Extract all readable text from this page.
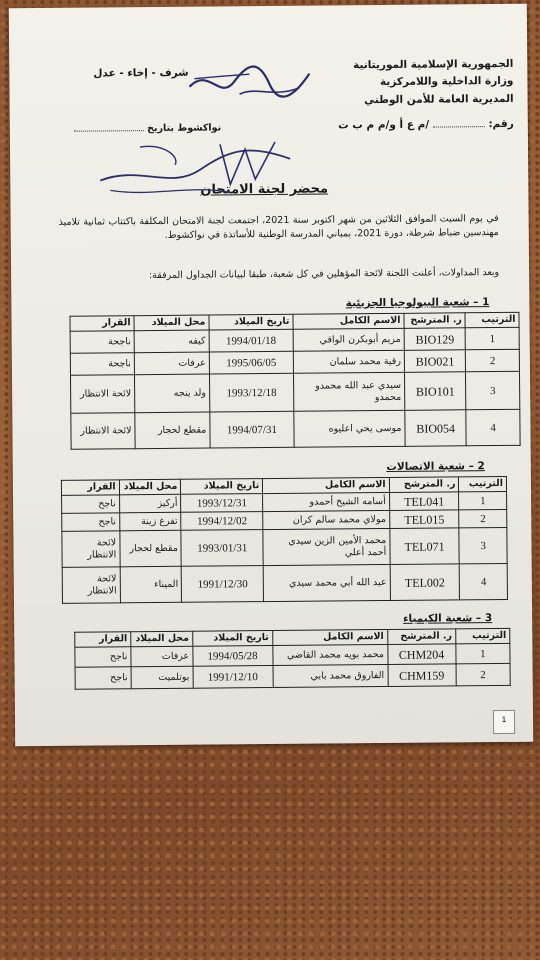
الجمهورية الإسلامية الموريتانية
وزارة الداخلية واللامركزية
المديرية العامة للأمن الوطني
رقم:  /م ع أ و/م م ب ت
شرف - إخاء - عدل
نواكشوط بتاريخ
محضر لجنة الامتحان
في يوم السبت الموافق الثلاثين من شهر اكتوبر سنة 2021، اجتمعت لجنة الامتحان المكلفة باكتتاب ثمانية تلاميذ مهندسين ضباط شرطة، دورة 2021، بمباني المدرسة الوطنية للأساتذة في نواكشوط.
وبعد المداولات، أعلنت اللجنة لائحة المؤهلين في كل شعبة، طبقا لبيانات الجداول المرفقة:
1 – شعبة البيولوجيا الجزيئية
الترتيب	ر. المترشح	الاسم الكامل	تاريخ الميلاد	محل الميلاد	القرار
1	BIO129	مريم أبوبكرن الواقي	1994/01/18	كيفه	ناجحة
2	BIO021	رقية محمد سلمان	1995/06/05	عرفات	ناجحة
3	BIO101	سيدي عبد الله محمدو محمدو	1993/12/18	ولد ينجه	لائحة الانتظار
4	BIO054	موسى يحي اعليوه	1994/07/31	مقطع لحجار	لائحة الانتظار
2 – شعبة الاتصالات
الترتيب	ر. المترشح	الاسم الكامل	تاريخ الميلاد	محل الميلاد	القرار
1	TEL041	أسامه الشيخ أحمدو	1993/12/31	أركيز	ناجح
2	TEL015	مولاي محمد سالم كران	1994/12/02	تفرغ زينة	ناجح
3	TEL071	محمد الأمين الزين سيدي أحمد أعلي	1993/01/31	مقطع لحجار	لائحة الانتظار
4	TEL002	عبد الله أبي محمد سيدي	1991/12/30	الميناء	لائحة الانتظار
3 – شعبة الكيمياء
الترتيب	ر. المترشح	الاسم الكامل	تاريخ الميلاد	محل الميلاد	القرار
1	CHM204	محمد بويه محمد القاضي	1994/05/28	عرفات	ناجح
2	CHM159	الفاروق محمد بابي	1991/12/10	بوتلميت	ناجح
1
